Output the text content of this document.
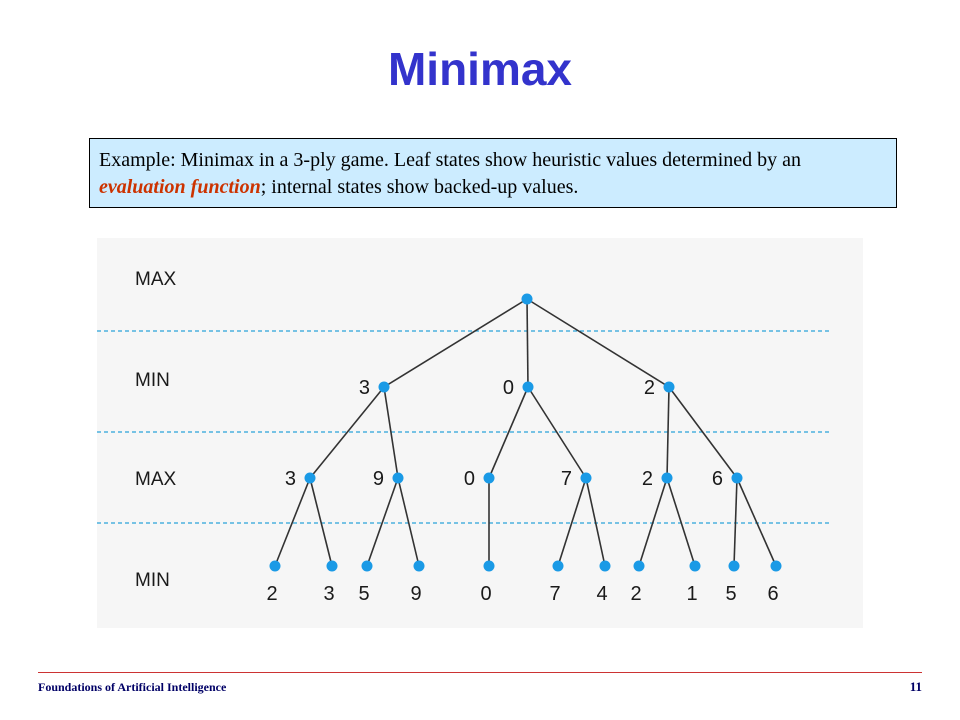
Minimax
Example: Minimax in a 3-ply game. Leaf states show heuristic values determined by an evaluation function; internal states show backed-up values.
MAX
MIN
MAX
MIN
3
3
2 3
9
5 9
0
0
0
7
7 4
2
2
2 1
6
5 6
Foundations of Artificial Intelligence	11
